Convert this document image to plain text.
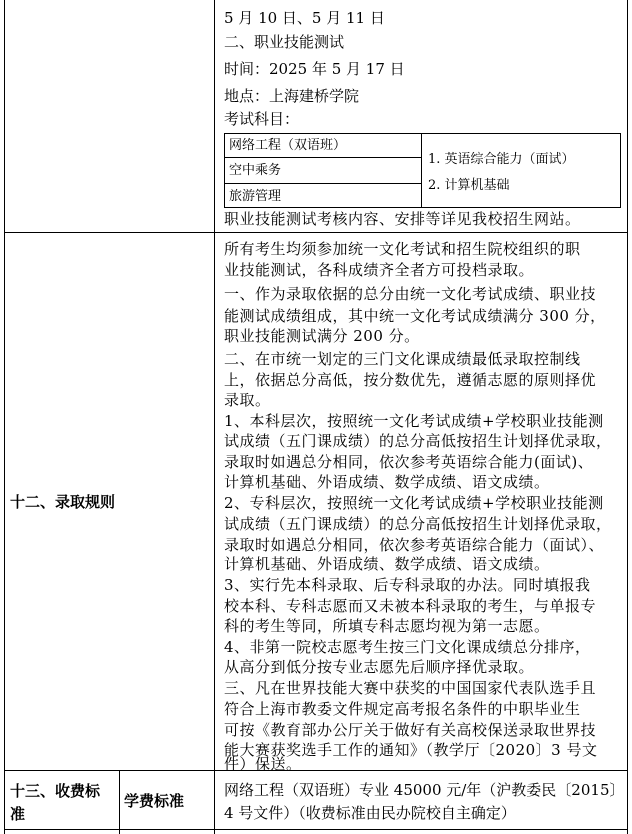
5 月 10 日、5 月 11 日
二、职业技能测试
时间：2025 年 5 月 17 日
地点：上海建桥学院
考试科目：
网络工程（双语班）
空中乘务
旅游管理
1. 英语综合能力（面试）
2. 计算机基础
职业技能测试考核内容、安排等详见我校招生网站。
十二、录取规则
所有考生均须参加统一文化考试和招生院校组织的职
业技能测试，各科成绩齐全者方可投档录取。
一、作为录取依据的总分由统一文化考试成绩、职业技
能测试成绩组成，其中统一文化考试成绩满分 300 分，
职业技能测试满分 200 分。
二、在市统一划定的三门文化课成绩最低录取控制线
上，依据总分高低，按分数优先，遵循志愿的原则择优
录取。
1、本科层次，按照统一文化考试成绩+学校职业技能测
试成绩（五门课成绩）的总分高低按招生计划择优录取，
录取时如遇总分相同，依次参考英语综合能力(面试)、
计算机基础、外语成绩、数学成绩、语文成绩。
2、专科层次，按照统一文化考试成绩+学校职业技能测
试成绩（五门课成绩）的总分高低按招生计划择优录取，
录取时如遇总分相同，依次参考英语综合能力（面试）、
计算机基础、外语成绩、数学成绩、语文成绩。
3、实行先本科录取、后专科录取的办法。同时填报我
校本科、专科志愿而又未被本科录取的考生，与单报专
科的考生等同，所填专科志愿均视为第一志愿。
4、非第一院校志愿考生按三门文化课成绩总分排序，
从高分到低分按专业志愿先后顺序择优录取。
三、凡在世界技能大赛中获奖的中国国家代表队选手且
符合上海市教委文件规定高考报名条件的中职毕业生
可按《教育部办公厅关于做好有关高校保送录取世界技
能大赛获奖选手工作的通知》（教学厅〔2020〕3 号文
件）保送。
十三、收费标
准
学费标准
网络工程（双语班）专业 45000 元/年（沪教委民〔2015〕
4 号文件）（收费标准由民办院校自主确定）
